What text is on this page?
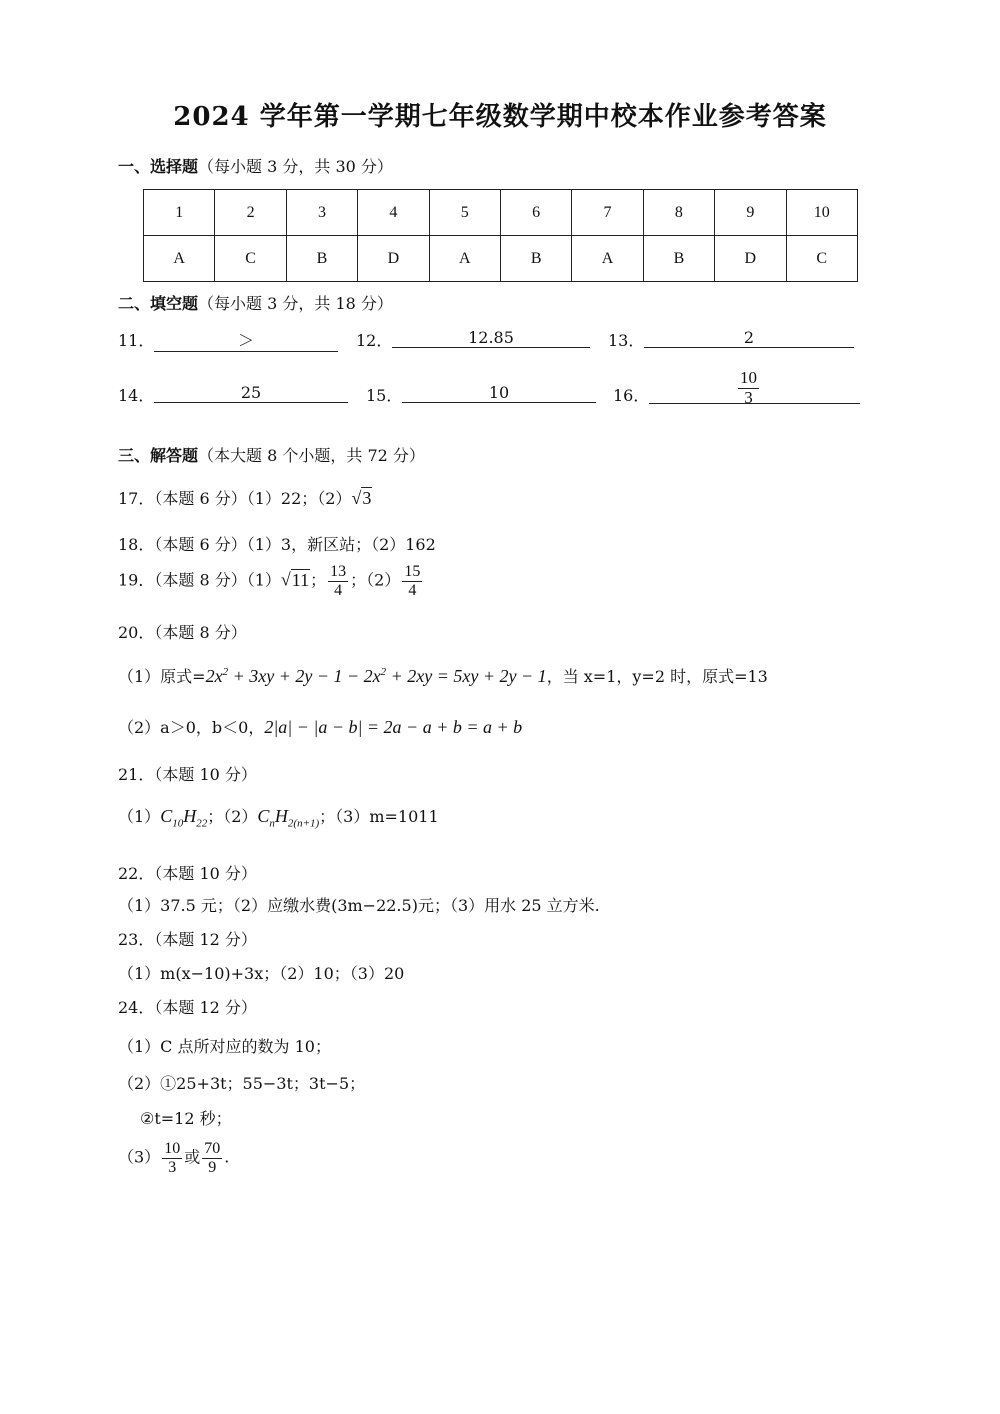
2024 学年第一学期七年级数学期中校本作业参考答案
一、选择题（每小题 3 分，共 30 分）
1	2	3	4	5	6	7	8	9	10
A	C	B	D	A	B	A	B	D	C
二、填空题（每小题 3 分，共 18 分）
11．	＞	12．	12.85	13．	2
14．	25	15．	10	16．	$\frac{10}{3}$
三、解答题（本大题 8 个小题，共 72 分）
17．（本题 6 分）（1）22；（2）√3
18．（本题 6 分）（1）3，新区站；（2）162
19．（本题 8 分）（1）√11； $\frac{13}{4}$ ；$(2) \frac{15}{4}$
20．（本题 8 分）
（1）原式$=2x^2 + 3xy + 2y - 1 - 2x^2 + 2xy = 5xy + 2y - 1$，当 x=1，y=2 时，原式=13
（2）a＞0，b＜0，2|a| − |a − b| = 2a − a + b = a + b
21．（本题 10 分）
$(1)C_{10}H_{22}$；$(2)C_nH_{2(n+1)}$；（3）m=1011
22．（本题 10 分）
（1）37.5 元；（2）应缴水费(3m−22.5)元；（3）用水 25 立方米.
23．（本题 12 分）
（1）m(x−10)+3x；（2）10；（3）20
24．（本题 12 分）
（1）C 点所对应的数为 10；
（2）①25+3t；55−3t；3t−5；
②t=12 秒；
$(3) \frac{10}{3}$ 或 $\frac{70}{9}$ .
